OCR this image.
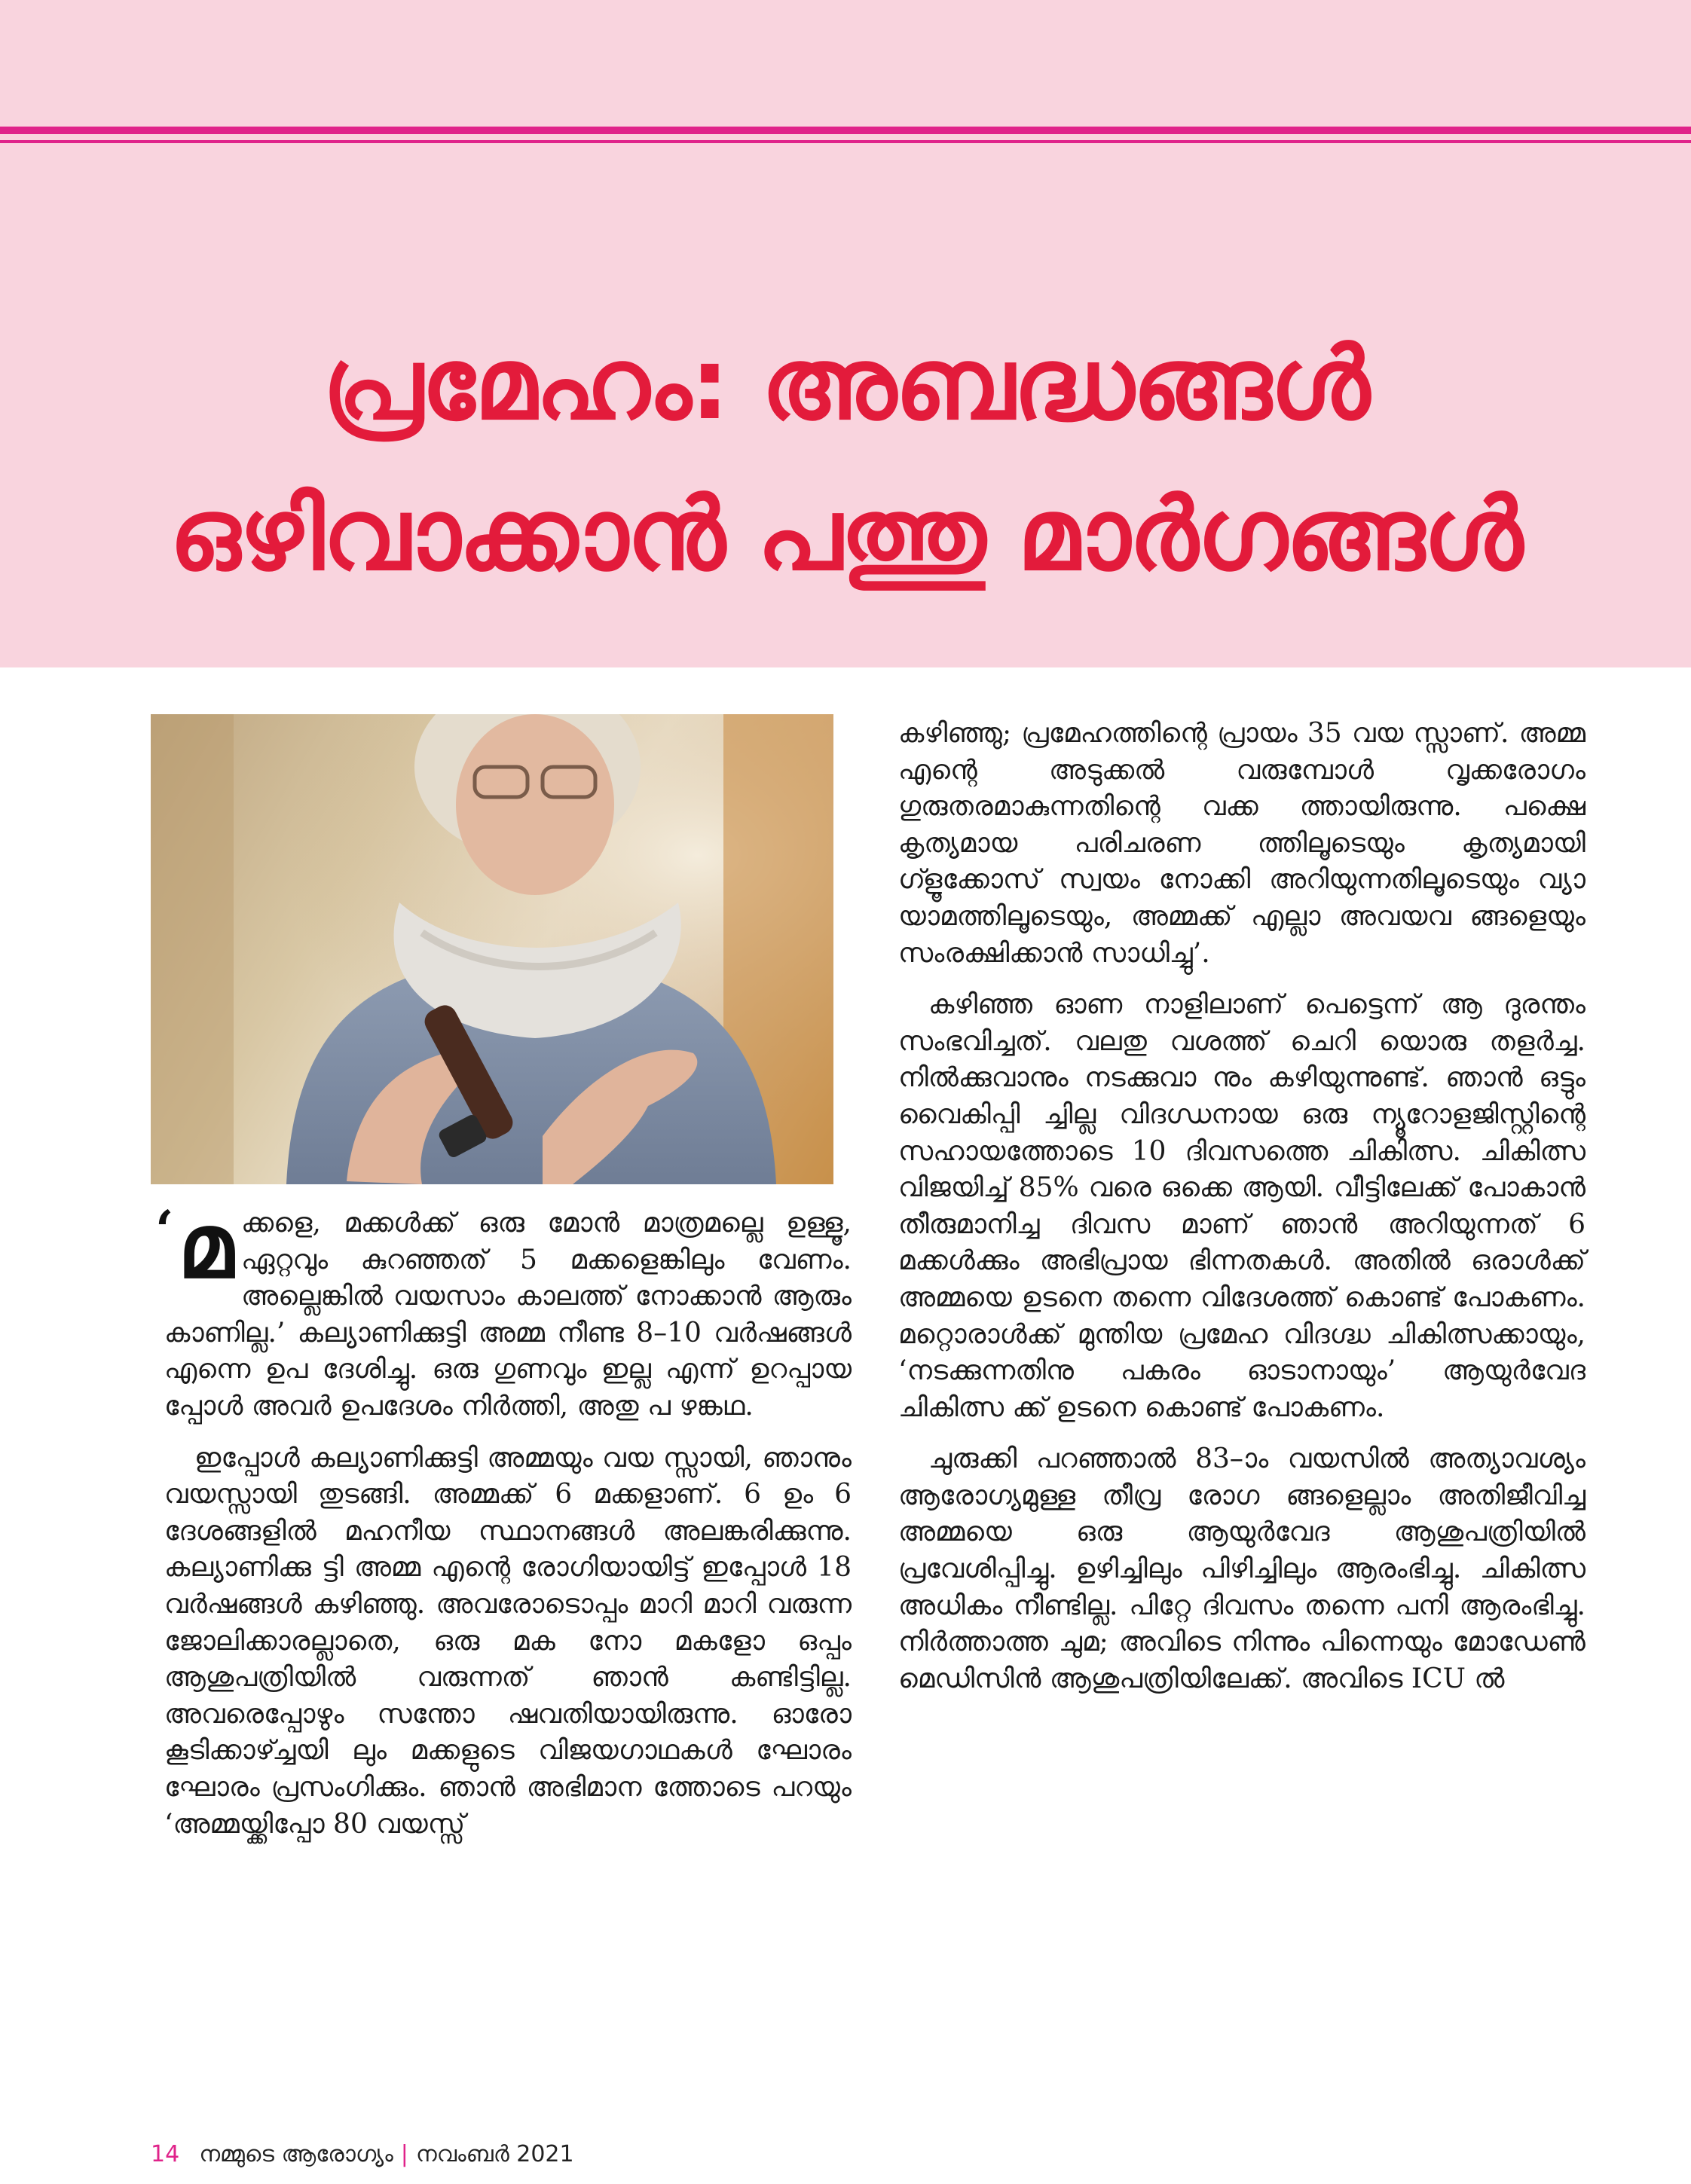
പ്രമേഹം: അബദ്ധങ്ങൾ
ഒഴിവാക്കാൻ പത്തു മാർഗങ്ങൾ
‘ മക്കളെ, മക്കൾക്ക് ഒരു മോൻ മാത്രമല്ലെ ഉള്ളൂ, ഏറ്റവും കുറഞ്ഞത് 5 മക്കളെങ്കിലും വേണം. അല്ലെങ്കിൽ വയസാം കാലത്ത് നോക്കാൻ ആരും കാണില്ല.’ കല്യാണിക്കുട്ടി അമ്മ നീണ്ട 8–10 വർഷങ്ങൾ എന്നെ ഉപ ദേശിച്ചു. ഒരു ഗുണവും ഇല്ല എന്ന് ഉറപ്പായ പ്പോൾ അവർ ഉപദേശം നിർത്തി, അതു പ ഴങ്കഥ.

ഇപ്പോൾ കല്യാണിക്കുട്ടി അമ്മയും വയ സ്സായി, ഞാനും വയസ്സായി തുടങ്ങി. അമ്മക്ക് 6 മക്കളാണ്. 6 ഉം 6 ദേശങ്ങളിൽ മഹനീയ സ്ഥാനങ്ങൾ അലങ്കരിക്കുന്നു. കല്യാണിക്കു ട്ടി അമ്മ എന്റെ രോഗിയായിട്ട് ഇപ്പോൾ 18 വർഷങ്ങൾ കഴിഞ്ഞു. അവരോടൊപ്പം മാറി മാറി വരുന്ന ജോലിക്കാരല്ലാതെ, ഒരു മക നോ മകളോ ഒപ്പം ആശുപത്രിയിൽ വരുന്നത് ഞാൻ കണ്ടിട്ടില്ല. അവരെപ്പോഴും സന്തോ ഷവതിയായിരുന്നു. ഓരോ കൂടിക്കാഴ്ച്ചയി ലും മക്കളുടെ വിജയഗാഥകൾ ഘോരം ഘോരം പ്രസംഗിക്കും. ഞാൻ അഭിമാന ത്തോടെ പറയും ‘അമ്മയ്ക്കിപ്പോ 80 വയസ്സ്

കഴിഞ്ഞു; പ്രമേഹത്തിന്റെ പ്രായം 35 വയ സ്സാണ്. അമ്മ എന്റെ അടുക്കൽ വരുമ്പോൾ വൃക്കരോഗം ഗുരുതരമാകുന്നതിന്റെ വക്ക ത്തായിരുന്നു. പക്ഷെ കൃത്യമായ പരിചരണ ത്തിലൂടെയും കൃത്യമായി ഗ്ളൂക്കോസ് സ്വയം നോക്കി അറിയുന്നതിലൂടെയും വ്യാ യാമത്തിലൂടെയും, അമ്മക്ക് എല്ലാ അവയവ ങ്ങളെയും സംരക്ഷിക്കാൻ സാധിച്ചു’.

കഴിഞ്ഞ ഓണ നാളിലാണ് പെട്ടെന്ന് ആ ദുരന്തം സംഭവിച്ചത്. വലതു വശത്ത് ചെറി യൊരു തളർച്ച. നിൽക്കുവാനും നടക്കുവാ നും കഴിയുന്നുണ്ട്. ഞാൻ ഒട്ടും വൈകിപ്പി ച്ചില്ല വിദഗ്ധനായ ഒരു ന്യൂറോളജിസ്റ്റിന്റെ സഹായത്തോടെ 10 ദിവസത്തെ ചികിത്സ. ചികിത്സ വിജയിച്ച് 85% വരെ ഒക്കെ ആയി. വീട്ടിലേക്ക് പോകാൻ തീരുമാനിച്ച ദിവസ മാണ് ഞാൻ അറിയുന്നത് 6 മക്കൾക്കും അഭിപ്രായ ഭിന്നതകൾ. അതിൽ ഒരാൾക്ക് അമ്മയെ ഉടനെ തന്നെ വിദേശത്ത് കൊണ്ട് പോകണം. മറ്റൊരാൾക്ക് മുന്തിയ പ്രമേഹ വിദഗ്ദ്ധ ചികിത്സക്കായും, ‘നടക്കുന്നതിനു പകരം ഓടാനായും’ ആയുർവേദ ചികിത്സ ക്ക് ഉടനെ കൊണ്ട് പോകണം.

ചുരുക്കി പറഞ്ഞാൽ 83–ാം വയസിൽ അത്യാവശ്യം ആരോഗ്യമുള്ള തീവ്ര രോഗ ങ്ങളെല്ലാം അതിജീവിച്ച അമ്മയെ ഒരു ആയുർവേദ ആശുപത്രിയിൽ പ്രവേശിപ്പിച്ചു. ഉഴിച്ചിലും പിഴിച്ചിലും ആരംഭിച്ചു. ചികിത്സ അധികം നീണ്ടില്ല. പിറ്റേ ദിവസം തന്നെ പനി ആരംഭിച്ചു. നിർത്താത്ത ചുമ; അവിടെ നിന്നും പിന്നെയും മോഡേൺ മെഡിസിൻ ആശുപത്രിയിലേക്ക്. അവിടെ ICU ൽ

14 നമ്മുടെ ആരോഗ്യം | നവംബർ 2021
